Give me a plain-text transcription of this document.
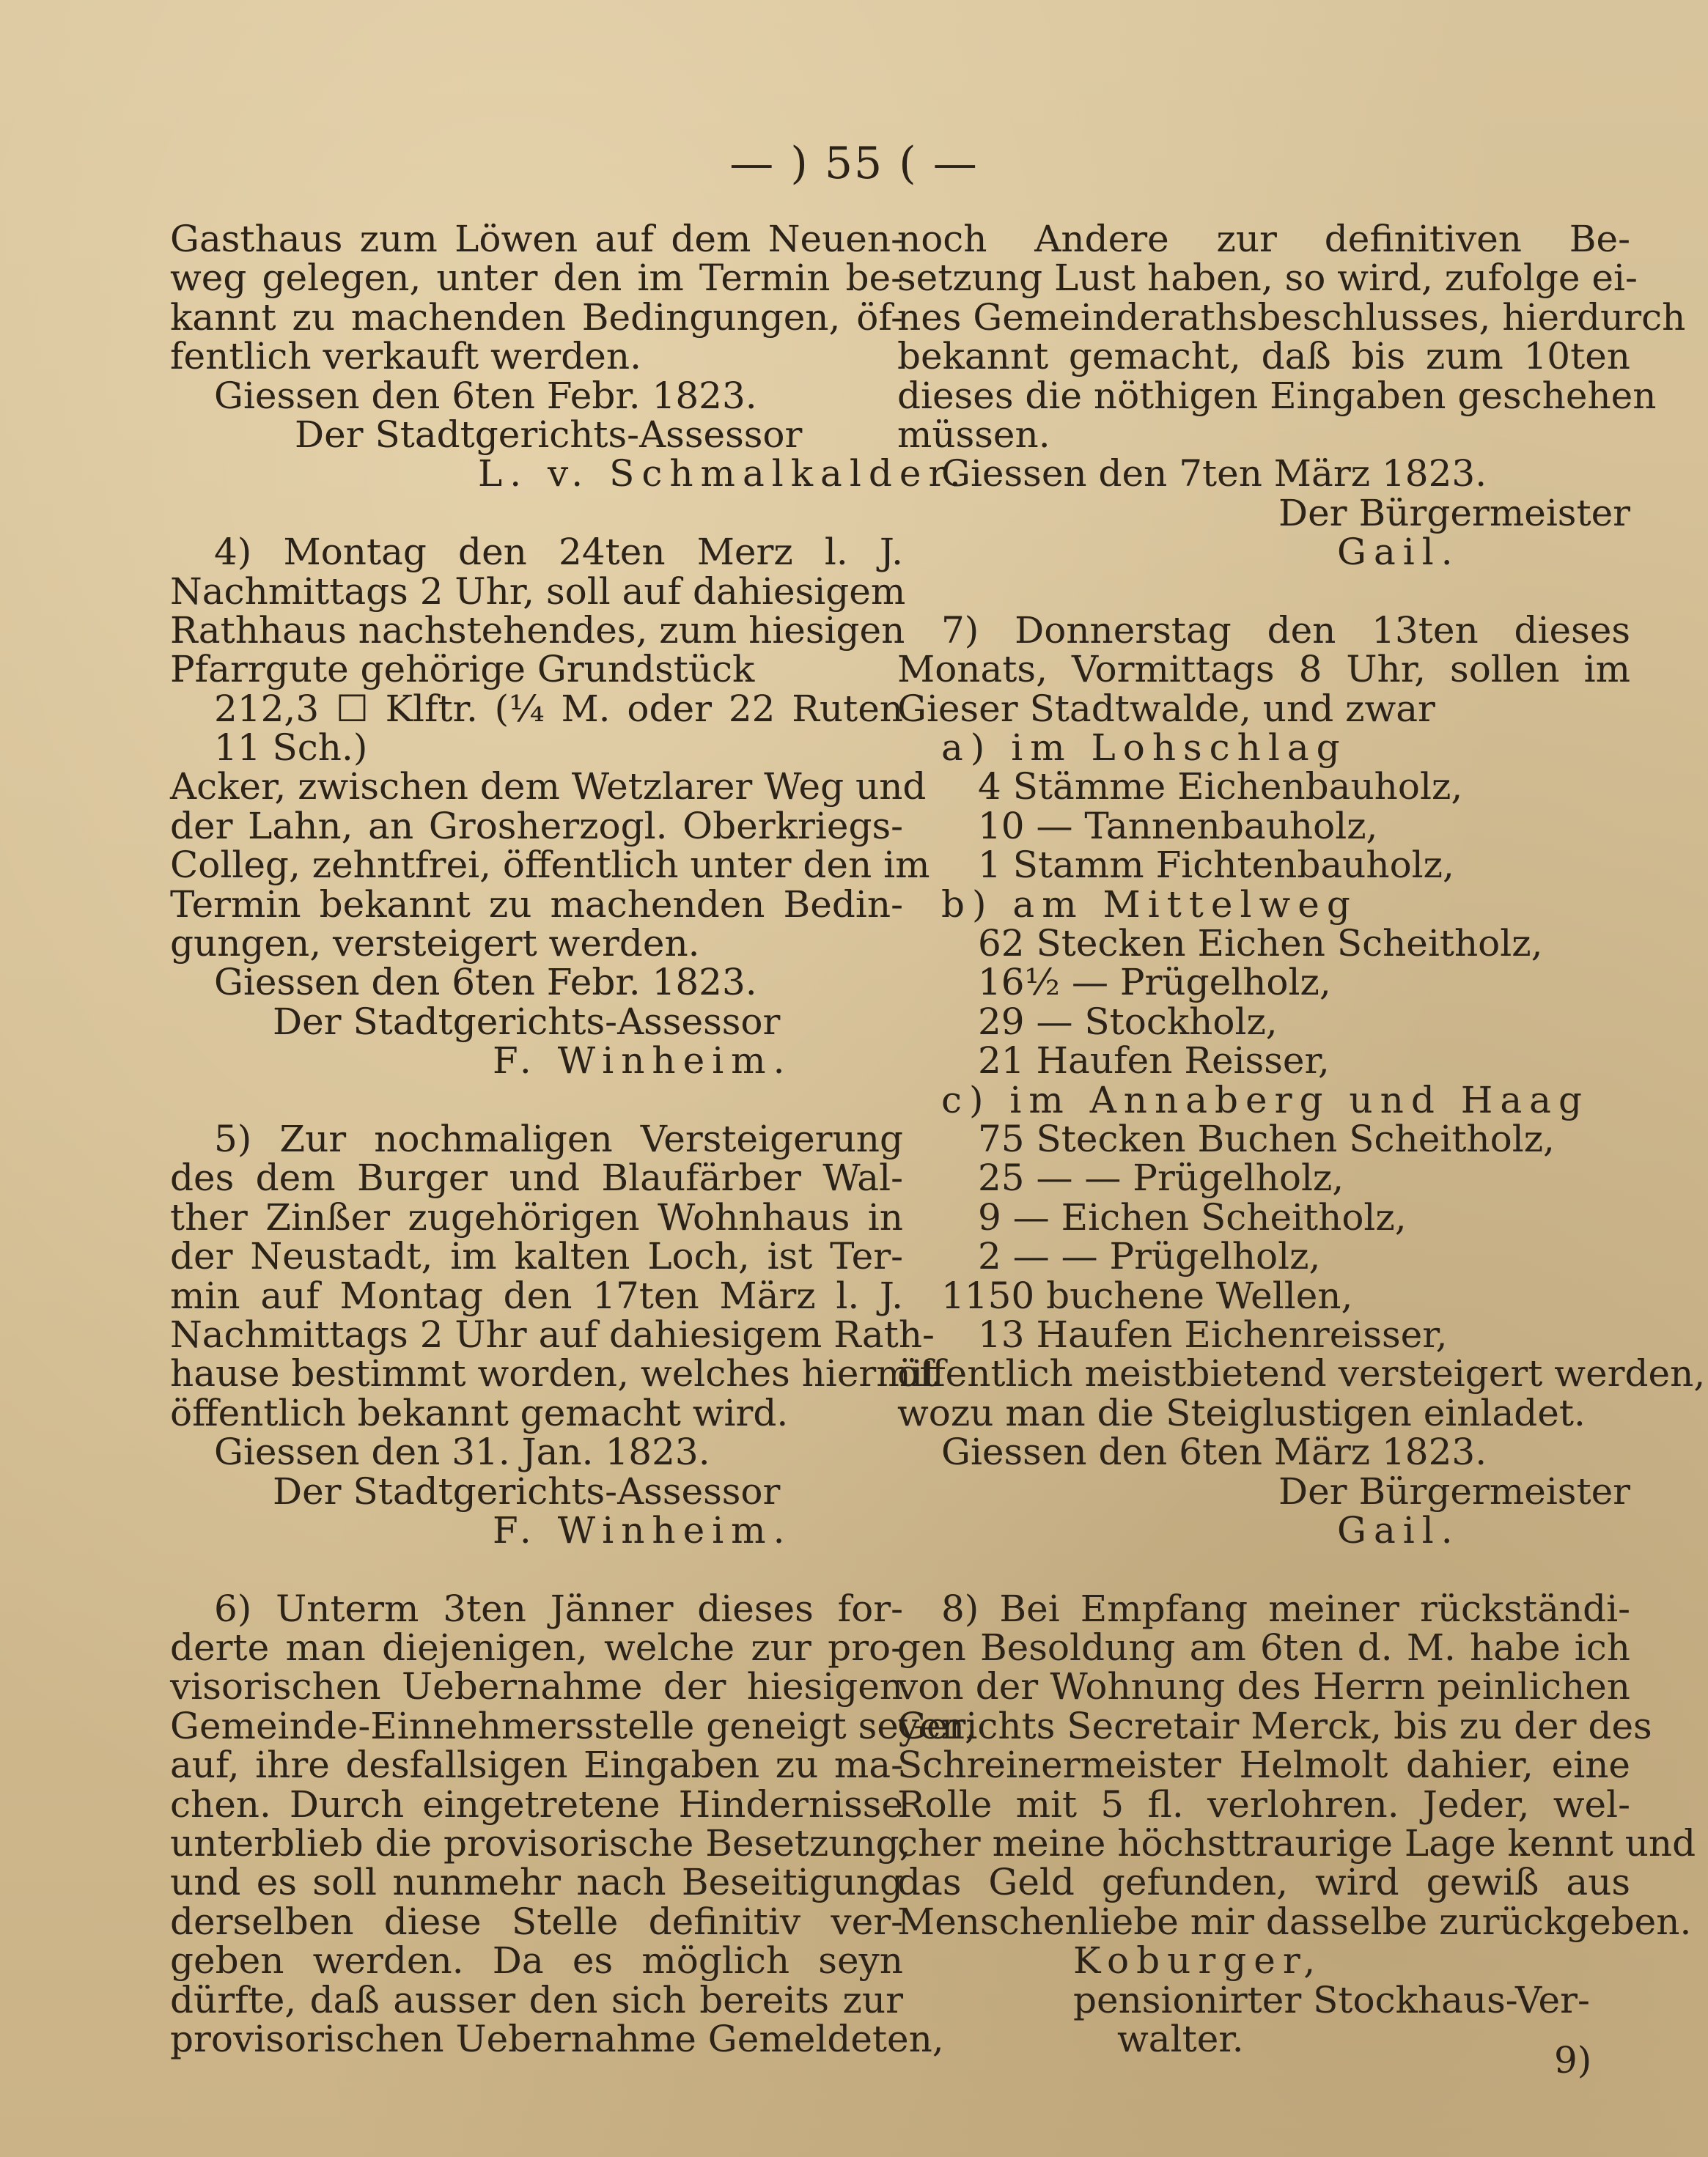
— ) 55 ( —
Gasthaus zum Löwen auf dem Neuen-
weg gelegen, unter den im Termin be-
kannt zu machenden Bedingungen, öf-
fentlich verkauft werden.
Giessen den 6ten Febr. 1823.
Der Stadtgerichts-Assessor
L. v. Schmalkalder.
4) Montag den 24ten Merz l. J.
Nachmittags 2 Uhr, soll auf dahiesigem
Rathhaus nachstehendes, zum hiesigen
Pfarrgute gehörige Grundstück
212,3 ☐ Klftr. (¼ M. oder 22 Ruten
11 Sch.)
Acker, zwischen dem Wetzlarer Weg und
der Lahn, an Grosherzogl. Oberkriegs-
Colleg, zehntfrei, öffentlich unter den im
Termin bekannt zu machenden Bedin-
gungen, versteigert werden.
Giessen den 6ten Febr. 1823.
Der Stadtgerichts-Assessor
F. Winheim.
5) Zur nochmaligen Versteigerung
des dem Burger und Blaufärber Wal-
ther Zinßer zugehörigen Wohnhaus in
der Neustadt, im kalten Loch, ist Ter-
min auf Montag den 17ten März l. J.
Nachmittags 2 Uhr auf dahiesigem Rath-
hause bestimmt worden, welches hiermit
öffentlich bekannt gemacht wird.
Giessen den 31. Jan. 1823.
Der Stadtgerichts-Assessor
F. Winheim.
6) Unterm 3ten Jänner dieses for-
derte man diejenigen, welche zur pro-
visorischen Uebernahme der hiesigen
Gemeinde-Einnehmersstelle geneigt seyen,
auf, ihre desfallsigen Eingaben zu ma-
chen. Durch eingetretene Hindernisse
unterblieb die provisorische Besetzung,
und es soll nunmehr nach Beseitigung
derselben diese Stelle definitiv ver-
geben werden. Da es möglich seyn
dürfte, daß ausser den sich bereits zur
provisorischen Uebernahme Gemeldeten,
noch Andere zur definitiven Be-
setzung Lust haben, so wird, zufolge ei-
nes Gemeinderathsbeschlusses, hierdurch
bekannt gemacht, daß bis zum 10ten
dieses die nöthigen Eingaben geschehen
müssen.
Giessen den 7ten März 1823.
Der Bürgermeister
Gail.
7) Donnerstag den 13ten dieses
Monats, Vormittags 8 Uhr, sollen im
Gieser Stadtwalde, und zwar
a) im Lohschlag
4 Stämme Eichenbauholz,
10 — Tannenbauholz,
1 Stamm Fichtenbauholz,
b) am Mittelweg
62 Stecken Eichen Scheitholz,
16½ — Prügelholz,
29 — Stockholz,
21 Haufen Reisser,
c) im Annaberg und Haag
75 Stecken Buchen Scheitholz,
25 — — Prügelholz,
9 — Eichen Scheitholz,
2 — — Prügelholz,
1150 buchene Wellen,
13 Haufen Eichenreisser,
öffentlich meistbietend versteigert werden,
wozu man die Steiglustigen einladet.
Giessen den 6ten März 1823.
Der Bürgermeister
Gail.
8) Bei Empfang meiner rückständi-
gen Besoldung am 6ten d. M. habe ich
von der Wohnung des Herrn peinlichen
Gerichts Secretair Merck, bis zu der des
Schreinermeister Helmolt dahier, eine
Rolle mit 5 fl. verlohren. Jeder, wel-
cher meine höchsttraurige Lage kennt und
das Geld gefunden, wird gewiß aus
Menschenliebe mir dasselbe zurückgeben.
Koburger,
pensionirter Stockhaus-Ver-
walter.
9)
